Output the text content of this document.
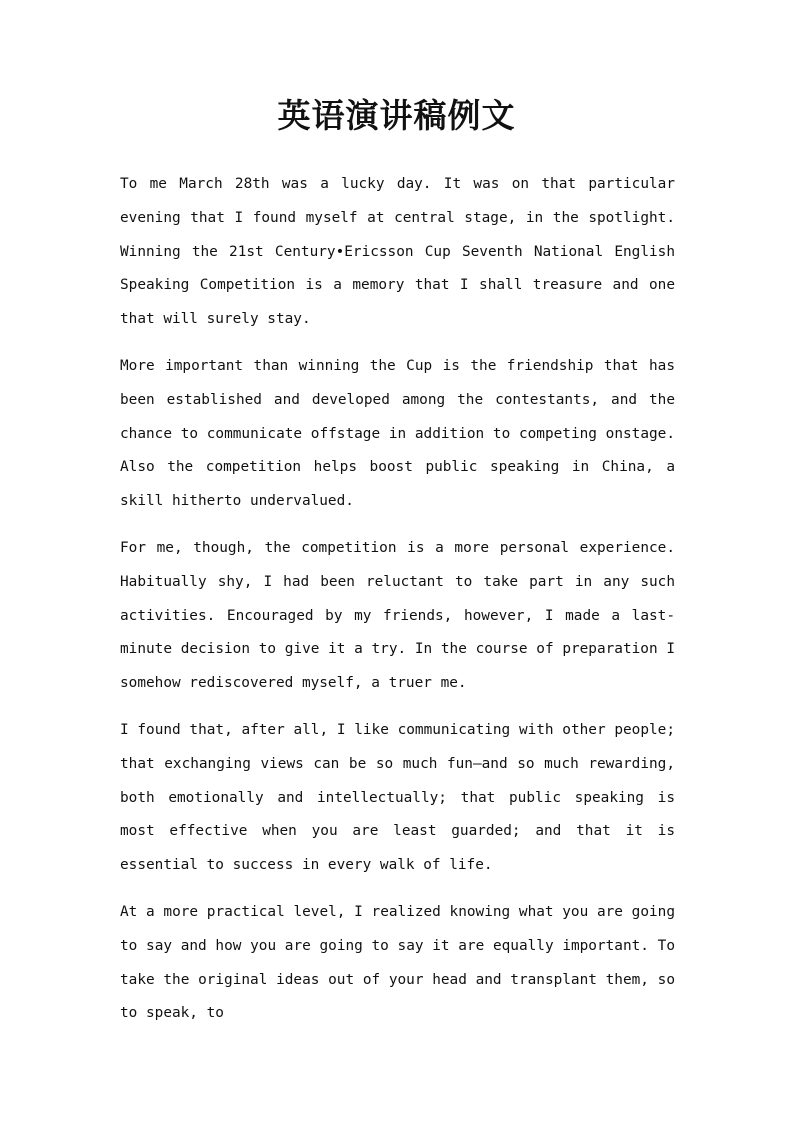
英语演讲稿例文

To me March 28th was a lucky day. It was on that particular evening that I found myself at central stage, in the spotlight. Winning the 21st Century•Ericsson Cup Seventh National English Speaking Competition is a memory that I shall treasure and one that will surely stay.

More important than winning the Cup is the friendship that has been established and developed among the contestants, and the chance to communicate offstage in addition to competing onstage. Also the competition helps boost public speaking in China, a skill hitherto undervalued.

For me, though, the competition is a more personal experience. Habitually shy, I had been reluctant to take part in any such activities. Encouraged by my friends, however, I made a last-minute decision to give it a try. In the course of preparation I somehow rediscovered myself, a truer me.

I found that, after all, I like communicating with other people; that exchanging views can be so much fun—and so much rewarding, both emotionally and intellectually; that public speaking is most effective when you are least guarded; and that it is essential to success in every walk of life.

At a more practical level, I realized knowing what you are going to say and how you are going to say it are equally important. To take the original ideas out of your head and transplant them, so to speak, to
